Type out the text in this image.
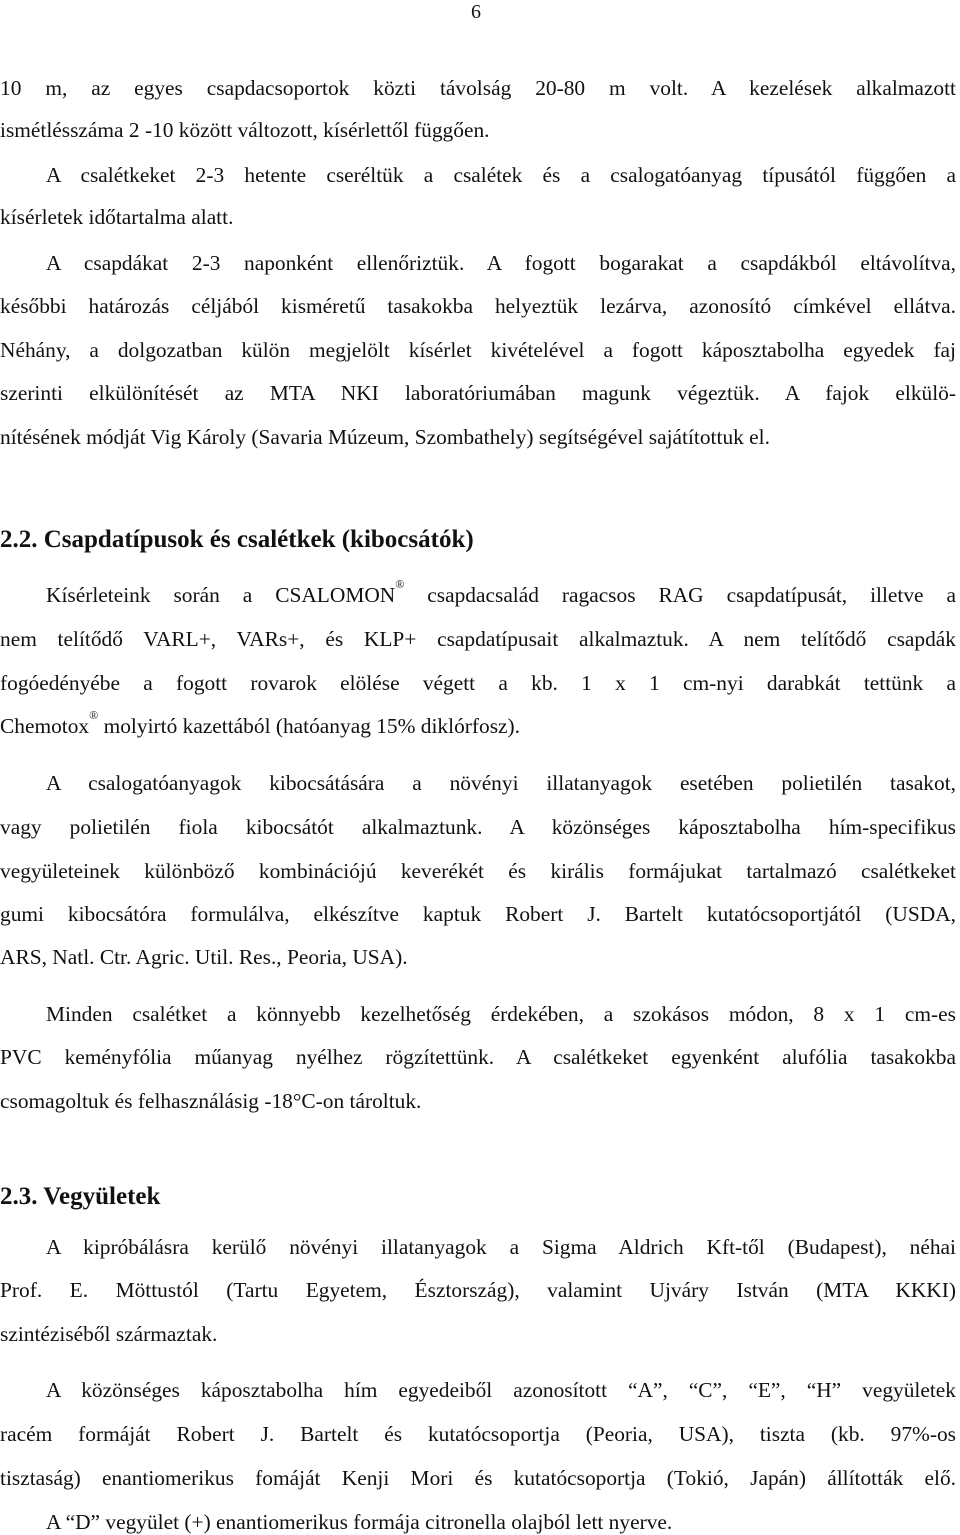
6
10 m, az egyes csapdacsoportok közti távolság 20-80 m volt. A kezelések alkalmazott
ismétlésszáma 2 -10 között változott, kísérlettől függően.
A csalétkeket 2-3 hetente cseréltük a csalétek és a csalogatóanyag típusától függően a
kísérletek időtartalma alatt.
A csapdákat 2-3 naponként ellenőriztük. A fogott bogarakat a csapdákból eltávolítva,
későbbi határozás céljából kisméretű tasakokba helyeztük lezárva, azonosító címkével ellátva.
Néhány, a dolgozatban külön megjelölt kísérlet kivételével a fogott káposztabolha egyedek faj
szerinti elkülönítését az MTA NKI laboratóriumában magunk végeztük. A fajok elkülö-
nítésének módját Vig Károly (Savaria Múzeum, Szombathely) segítségével sajátítottuk el.
2.2. Csapdatípusok és csalétkek (kibocsátók)
Kísérleteink során a CSALOMON® csapdacsalád ragacsos RAG csapdatípusát, illetve a
nem telítődő VARL+, VARs+, és KLP+ csapdatípusait alkalmaztuk. A nem telítődő csapdák
fogóedényébe a fogott rovarok elölése végett a kb. 1 x 1 cm-nyi darabkát tettünk a
Chemotox® molyirtó kazettából (hatóanyag 15% diklórfosz).
A csalogatóanyagok kibocsátására a növényi illatanyagok esetében polietilén tasakot,
vagy polietilén fiola kibocsátót alkalmaztunk. A közönséges káposztabolha hím-specifikus
vegyületeinek különböző kombinációjú keverékét és királis formájukat tartalmazó csalétkeket
gumi kibocsátóra formulálva, elkészítve kaptuk Robert J. Bartelt kutatócsoportjától (USDA,
ARS, Natl. Ctr. Agric. Util. Res., Peoria, USA).
Minden csalétket a könnyebb kezelhetőség érdekében, a szokásos módon, 8 x 1 cm-es
PVC keményfólia műanyag nyélhez rögzítettünk. A csalétkeket egyenként alufólia tasakokba
csomagoltuk és felhasználásig -18°C-on tároltuk.
2.3. Vegyületek
A kipróbálásra kerülő növényi illatanyagok a Sigma Aldrich Kft-től (Budapest), néhai
Prof. E. Möttustól (Tartu Egyetem, Észtország), valamint Ujváry István (MTA KKKI)
szintéziséből származtak.
A közönséges káposztabolha hím egyedeiből azonosított “A”, “C”, “E”, “H” vegyületek
racém formáját Robert J. Bartelt és kutatócsoportja (Peoria, USA), tiszta (kb. 97%-os
tisztaság) enantiomerikus fomáját Kenji Mori és kutatócsoportja (Tokió, Japán) állították elő.
A “D” vegyület (+) enantiomerikus formája citronella olajból lett nyerve.
